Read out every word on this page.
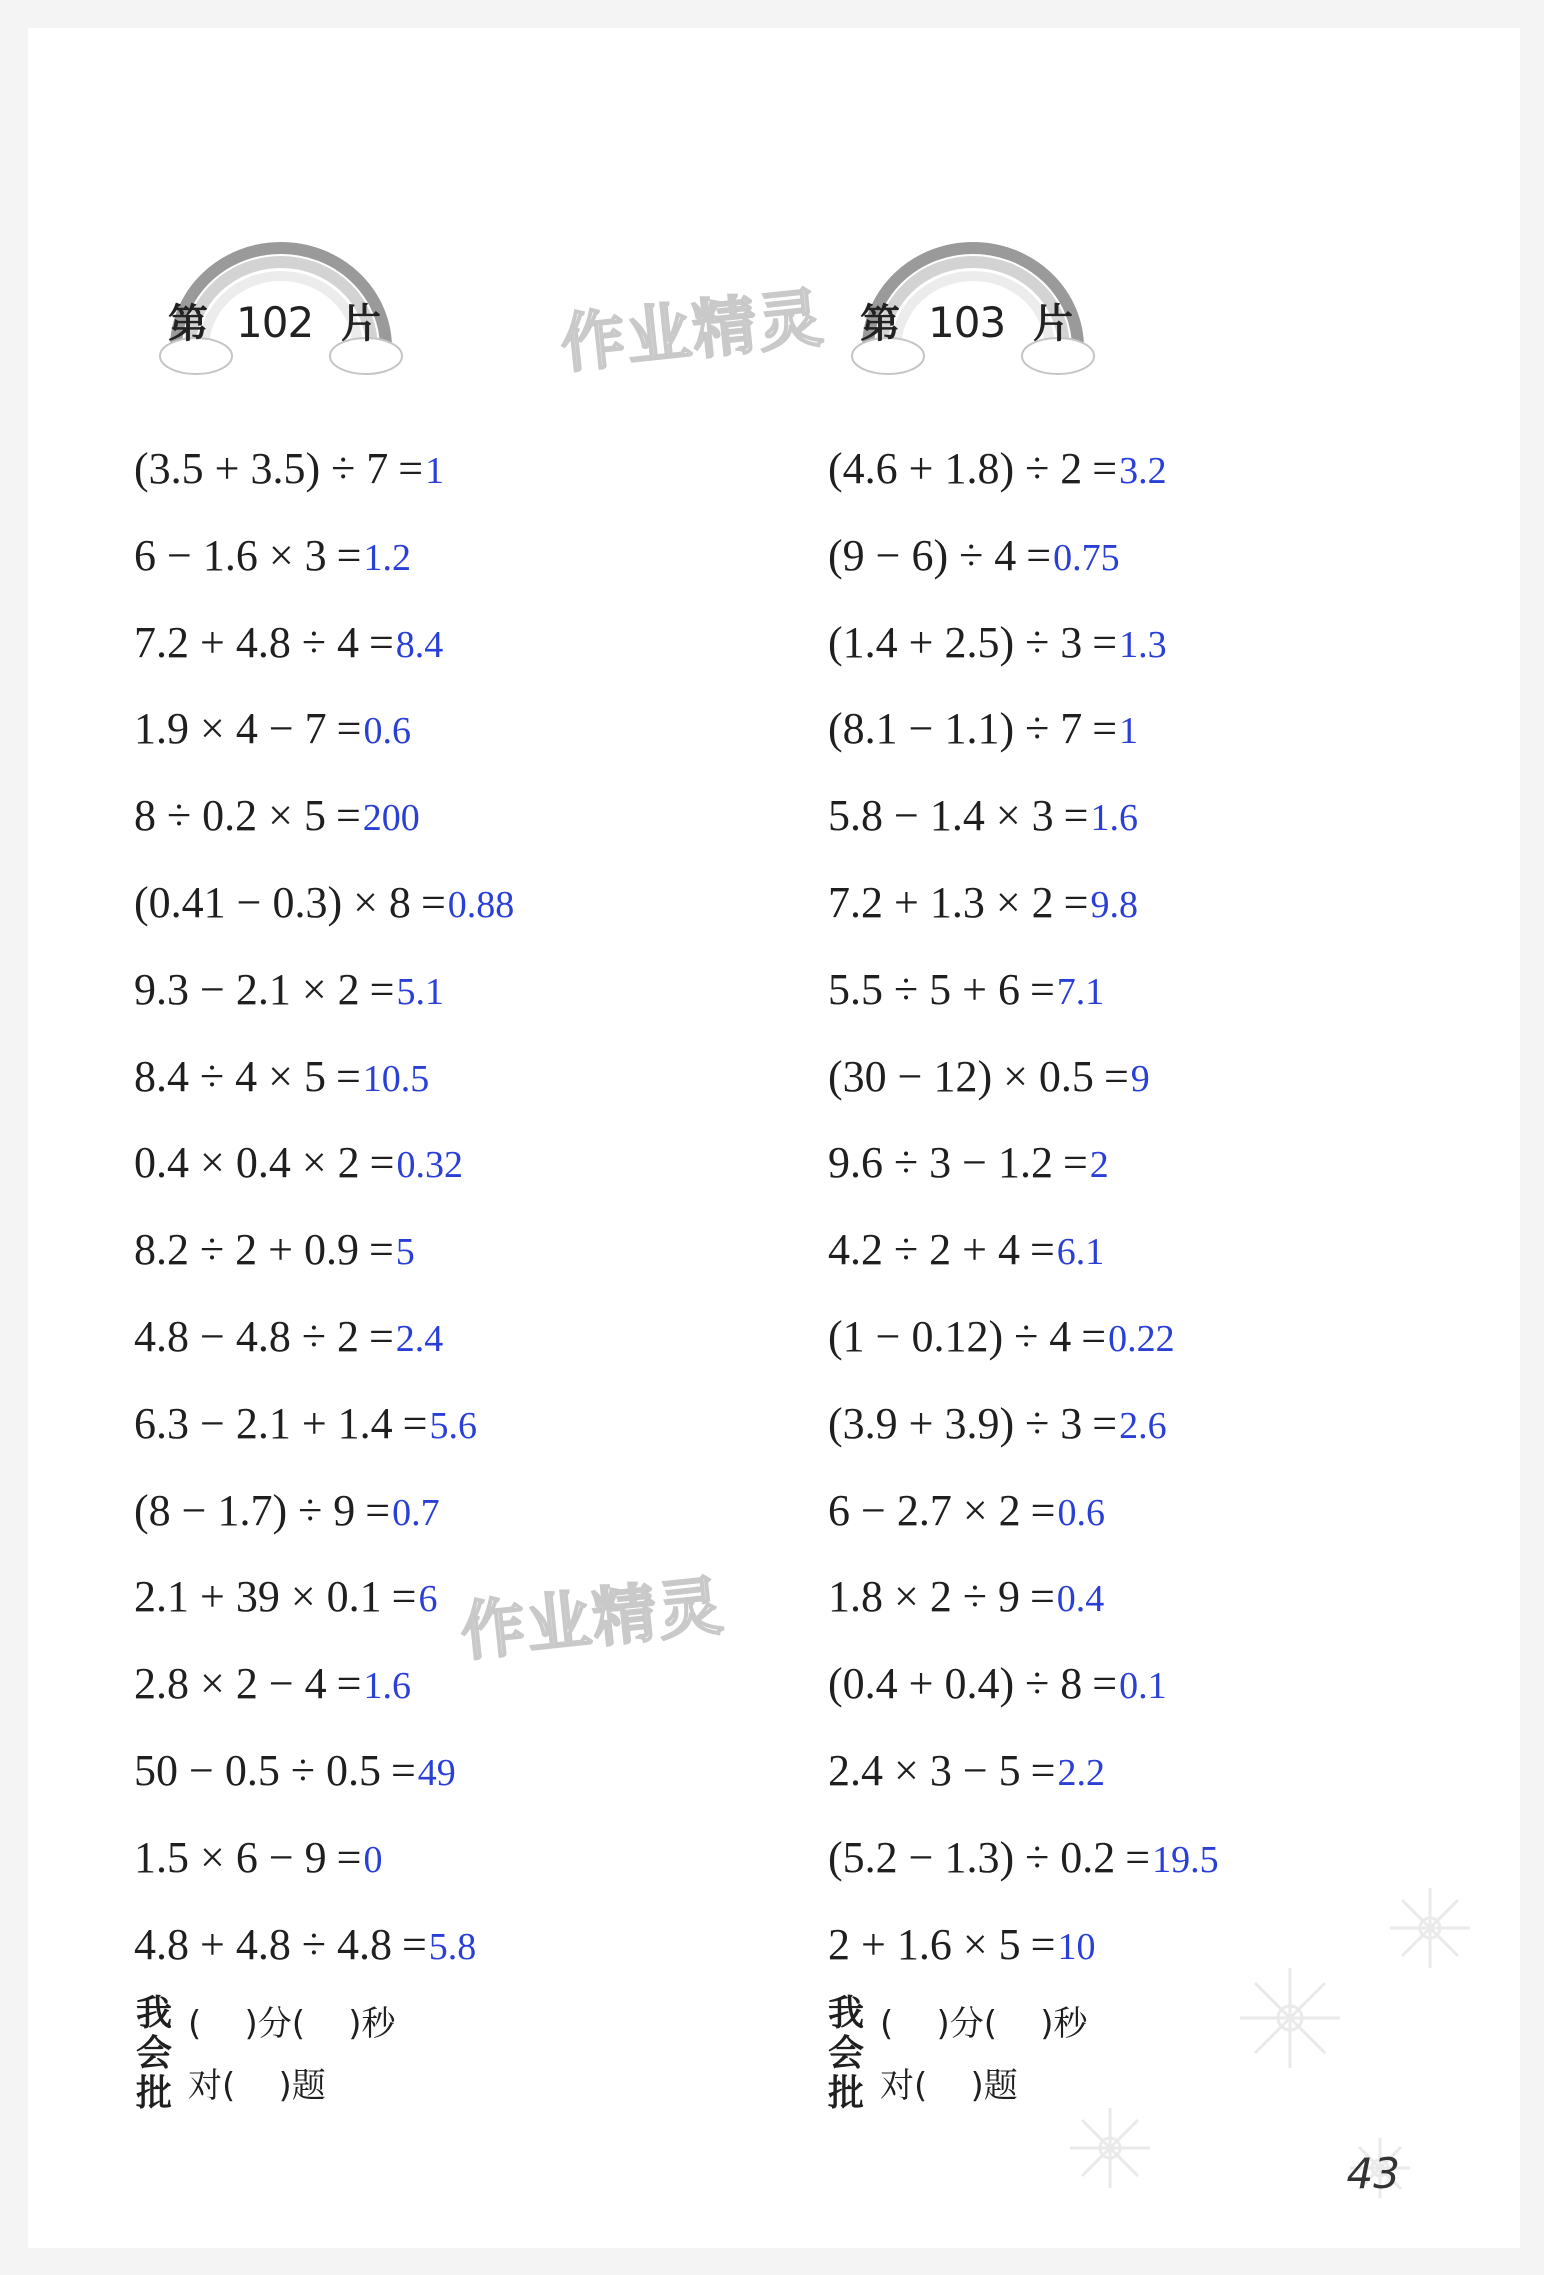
第 102 片	第 103 片
作业精灵
作业精灵
(3.5 + 3.5) ÷ 7 =1
6 − 1.6 × 3 =1.2
7.2 + 4.8 ÷ 4 =8.4
1.9 × 4 − 7 =0.6
8 ÷ 0.2 × 5 =200
(0.41 − 0.3) × 8 =0.88
9.3 − 2.1 × 2 =5.1
8.4 ÷ 4 × 5 =10.5
0.4 × 0.4 × 2 =0.32
8.2 ÷ 2 + 0.9 =5
4.8 − 4.8 ÷ 2 =2.4
6.3 − 2.1 + 1.4 =5.6
(8 − 1.7) ÷ 9 =0.7
2.1 + 39 × 0.1 =6
2.8 × 2 − 4 =1.6
50 − 0.5 ÷ 0.5 =49
1.5 × 6 − 9 =0
4.8 + 4.8 ÷ 4.8 =5.8
(4.6 + 1.8) ÷ 2 =3.2
(9 − 6) ÷ 4 =0.75
(1.4 + 2.5) ÷ 3 =1.3
(8.1 − 1.1) ÷ 7 =1
5.8 − 1.4 × 3 =1.6
7.2 + 1.3 × 2 =9.8
5.5 ÷ 5 + 6 =7.1
(30 − 12) × 0.5 =9
9.6 ÷ 3 − 1.2 =2
4.2 ÷ 2 + 4 =6.1
(1 − 0.12) ÷ 4 =0.22
(3.9 + 3.9) ÷ 3 =2.6
6 − 2.7 × 2 =0.6
1.8 × 2 ÷ 9 =0.4
(0.4 + 0.4) ÷ 8 =0.1
2.4 × 3 − 5 =2.2
(5.2 − 1.3) ÷ 0.2 =19.5
2 + 1.6 × 5 =10
我
会
批
(    )分(    )秒
对(    )题
我
会
批
(    )分(    )秒
对(    )题
43
